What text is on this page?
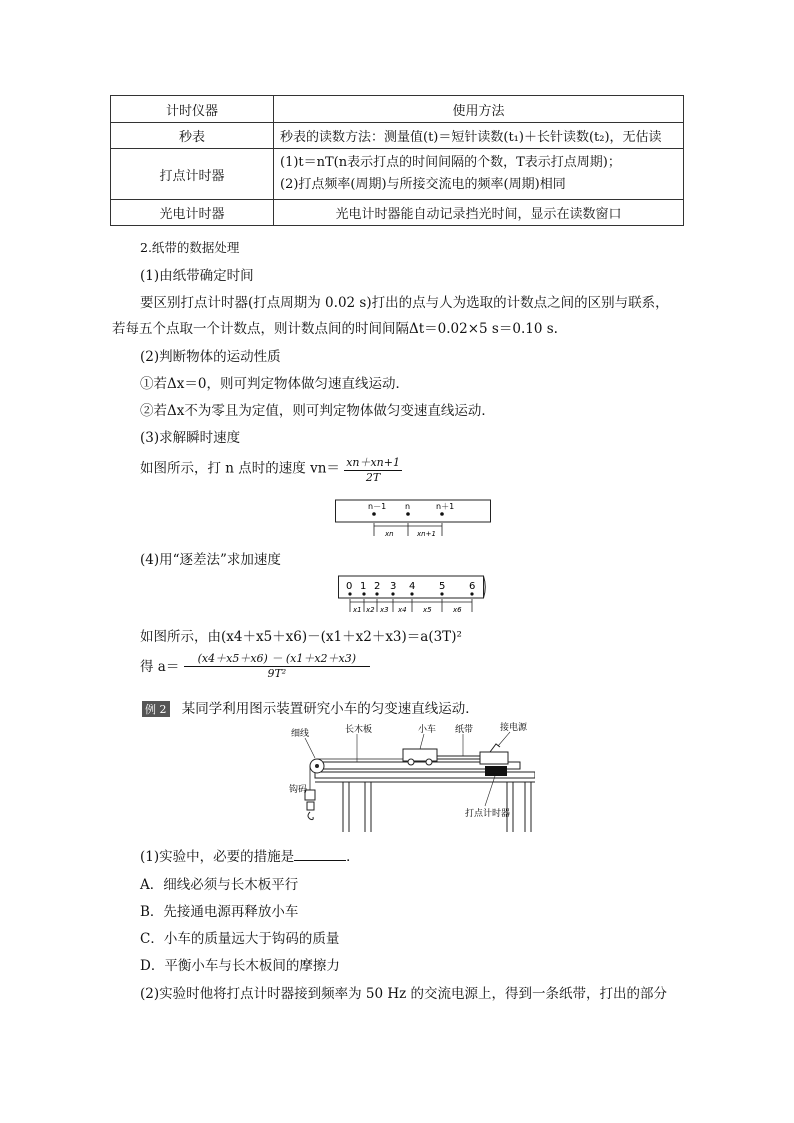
计时仪器	使用方法
秒表	秒表的读数方法：测量值(t)＝短针读数(t₁)＋长针读数(t₂)，无估读
打点计时器	(1)t＝nT(n表示打点的时间间隔的个数，T表示打点周期)；
(2)打点频率(周期)与所接交流电的频率(周期)相同

光电计时器	光电计时器能自动记录挡光时间，显示在读数窗口
2.纸带的数据处理
(1)由纸带确定时间
要区别打点计时器(打点周期为 0.02 s)打出的点与人为选取的计数点之间的区别与联系，
若每五个点取一个计数点，则计数点间的时间间隔Δt＝0.02×5 s＝0.10 s.
(2)判断物体的运动性质
①若Δx＝0，则可判定物体做匀速直线运动．
②若Δx不为零且为定值，则可判定物体做匀变速直线运动．
(3)求解瞬时速度
如图所示，打 n 点时的速度 $vn= \frac{xn+xn+1}{2T}$
n－1 n	n＋1
xn	xn+1
(4)用“逐差法”求加速度
0 1 2 3 4 5 6
x1 x2 x3 x4 x5	x6
如图所示，由(x4＋x5＋x6)－(x1＋x2＋x3)＝a(3T)²
得 $a= \frac{(x4+x5+x6) - (x1+x2+x3)}{\text{9T²}}$
例 2 某同学利用图示装置研究小车的匀变速直线运动．
细线	长木板	小车 纸带	接电源
钩码
打点计时器
(1)实验中，必要的措施是	．
A．细线必须与长木板平行
B．先接通电源再释放小车
C．小车的质量远大于钩码的质量
D．平衡小车与长木板间的摩擦力
(2)实验时他将打点计时器接到频率为 50 Hz 的交流电源上，得到一条纸带，打出的部分
